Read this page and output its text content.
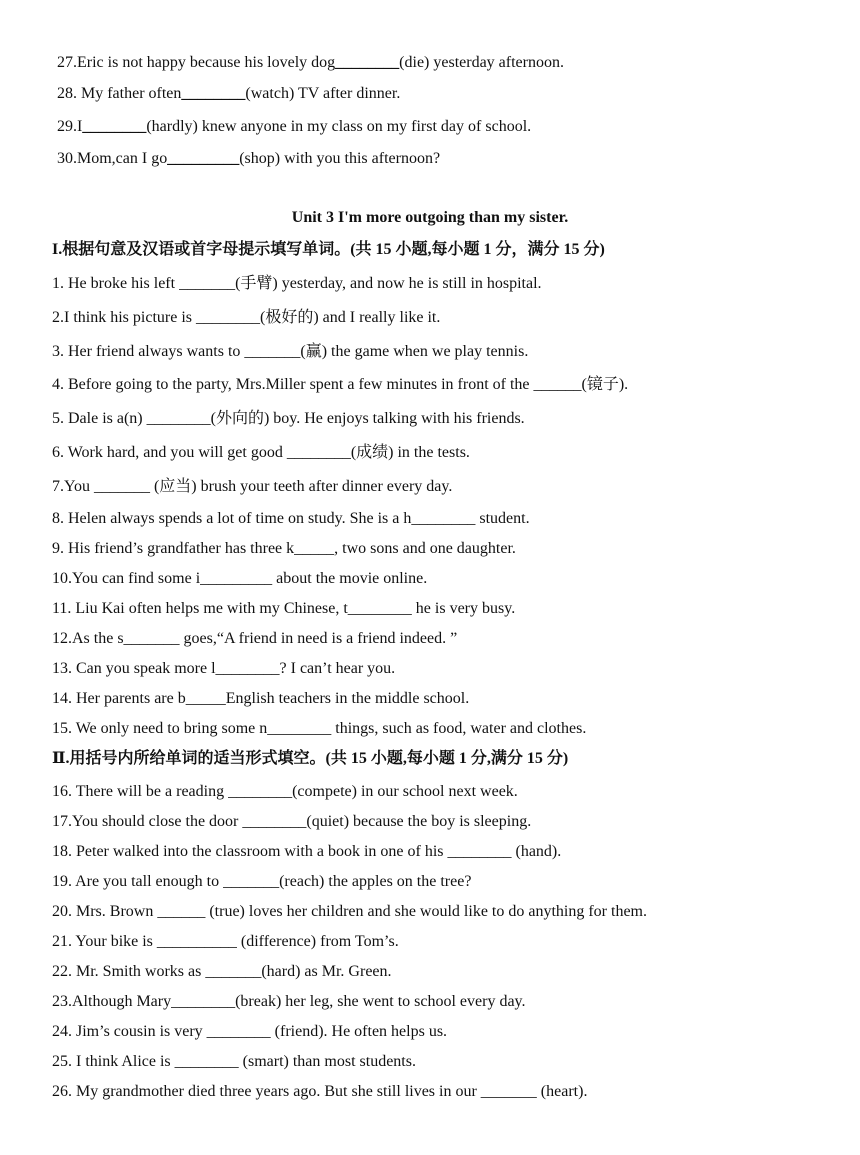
27.Eric is not happy because his lovely dog________(die) yesterday afternoon.
28. My father often________(watch) TV after dinner.
29.I________(hardly) knew anyone in my class on my first day of school.
30.Mom,can I go_________(shop) with you this afternoon?
Unit 3 I'm more outgoing than my sister.
I.根据句意及汉语或首字母提示填写单词。(共 15 小题,每小题 1 分，满分 15 分)
1. He broke his left _______(手臂) yesterday, and now he is still in hospital.
2.I think his picture is ________(极好的) and I really like it.
3. Her friend always wants to _______(赢) the game when we play tennis.
4. Before going to the party, Mrs.Miller spent a few minutes in front of the ______(镜子).
5. Dale is a(n) ________(外向的) boy. He enjoys talking with his friends.
6. Work hard, and you will get good ________(成绩) in the tests.
7.You _______ (应当) brush your teeth after dinner every day.
8. Helen always spends a lot of time on study. She is a h________ student.
9. His friend’s grandfather has three k_____, two sons and one daughter.
10.You can find some i_________ about the movie online.
11. Liu Kai often helps me with my Chinese, t________ he is very busy.
12.As the s_______ goes,“A friend in need is a friend indeed. ”
13. Can you speak more l________? I can’t hear you.
14. Her parents are b_____English teachers in the middle school.
15. We only need to bring some n________ things, such as food, water and clothes.
Ⅱ.用括号内所给单词的适当形式填空。(共 15 小题,每小题 1 分,满分 15 分)
16. There will be a reading ________(compete) in our school next week.
17.You should close the door ________(quiet) because the boy is sleeping.
18. Peter walked into the classroom with a book in one of his ________ (hand).
19. Are you tall enough to _______(reach) the apples on the tree?
20. Mrs. Brown ______ (true) loves her children and she would like to do anything for them.
21. Your bike is __________ (difference) from Tom’s.
22. Mr. Smith works as _______(hard) as Mr. Green.
23.Although Mary________(break) her leg, she went to school every day.
24. Jim’s cousin is very ________ (friend). He often helps us.
25. I think Alice is ________ (smart) than most students.
26. My grandmother died three years ago. But she still lives in our _______ (heart).
